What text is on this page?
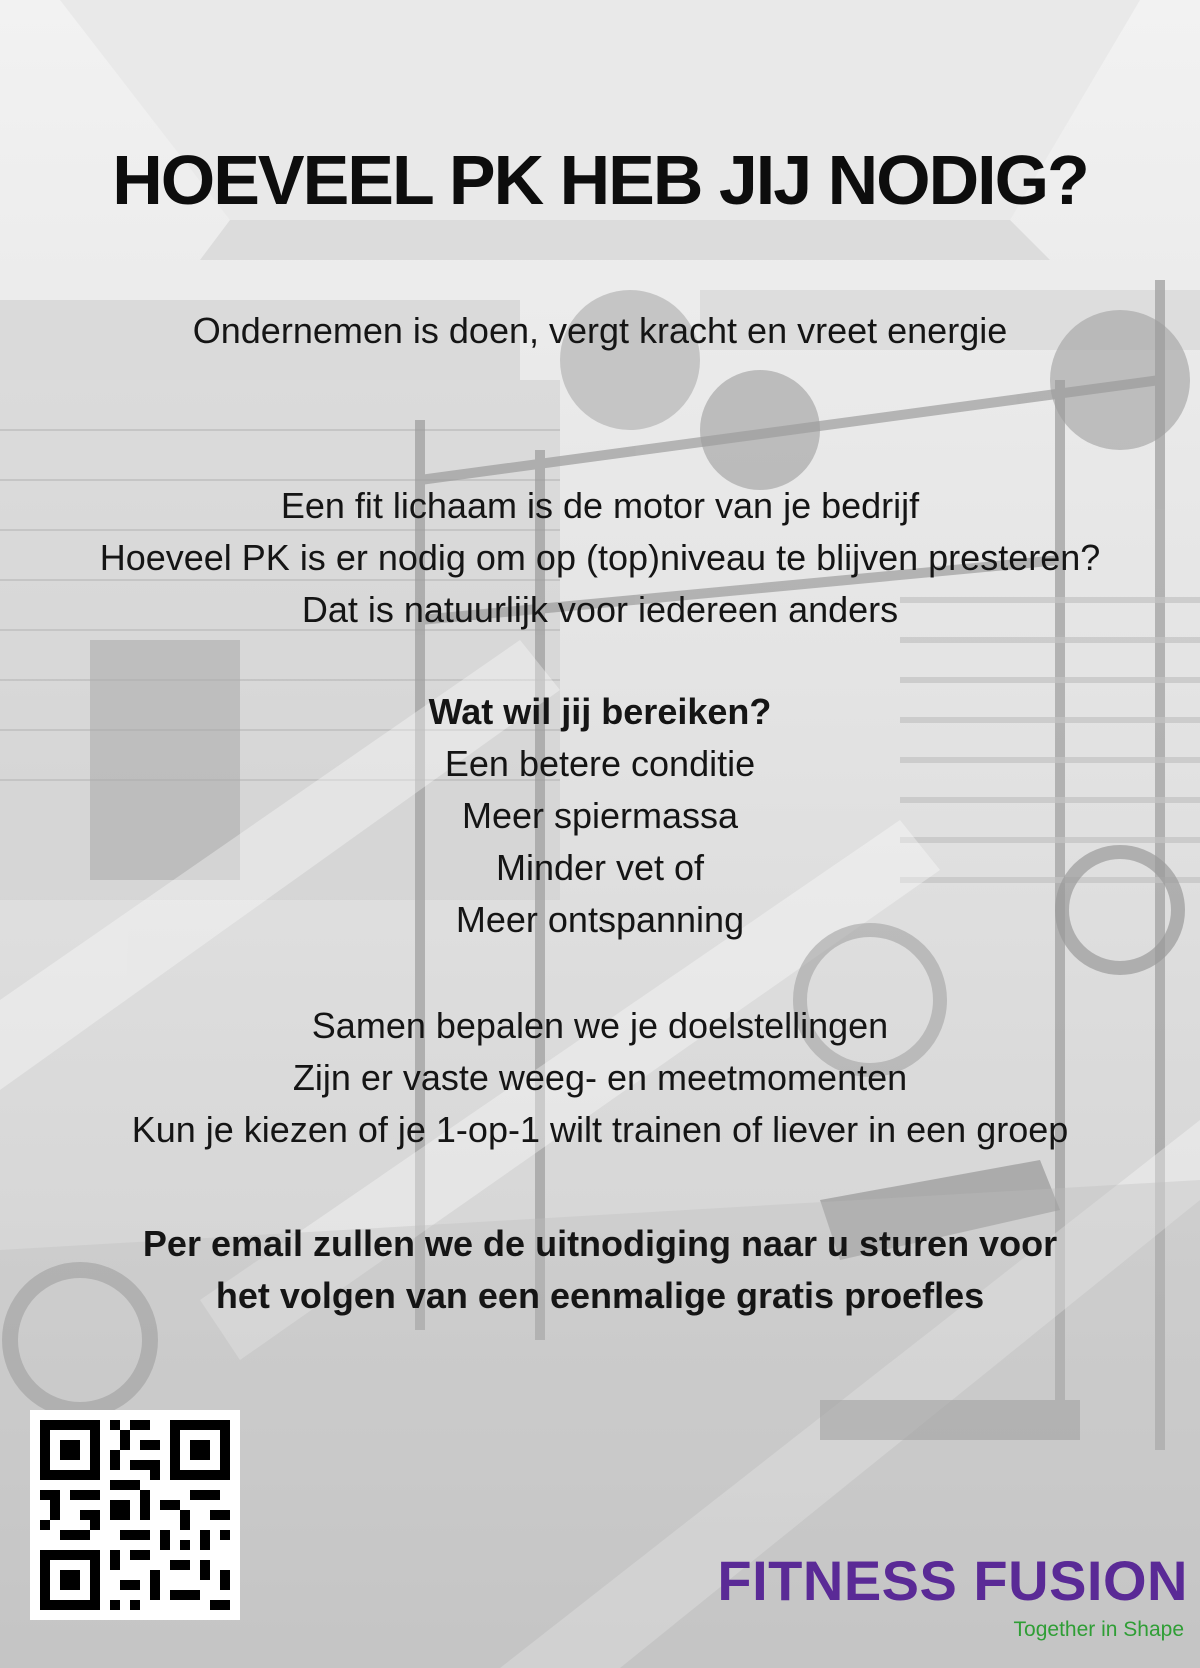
HOEVEEL PK HEB JIJ NODIG?
Ondernemen is doen, vergt kracht en vreet energie
Een fit lichaam is de motor van je bedrijf
Hoeveel PK is er nodig om op (top)niveau te blijven presteren?
Dat is natuurlijk voor iedereen anders
Wat wil jij bereiken?
Een betere conditie
Meer spiermassa
Minder vet of
Meer ontspanning
Samen bepalen we je doelstellingen
Zijn er vaste weeg- en meetmomenten
Kun je kiezen of je 1-op-1 wilt trainen of liever in een groep
Per email zullen we de uitnodiging naar u sturen voor
het volgen van een eenmalige gratis proefles
FITNESS FUSION
Together in Shape
